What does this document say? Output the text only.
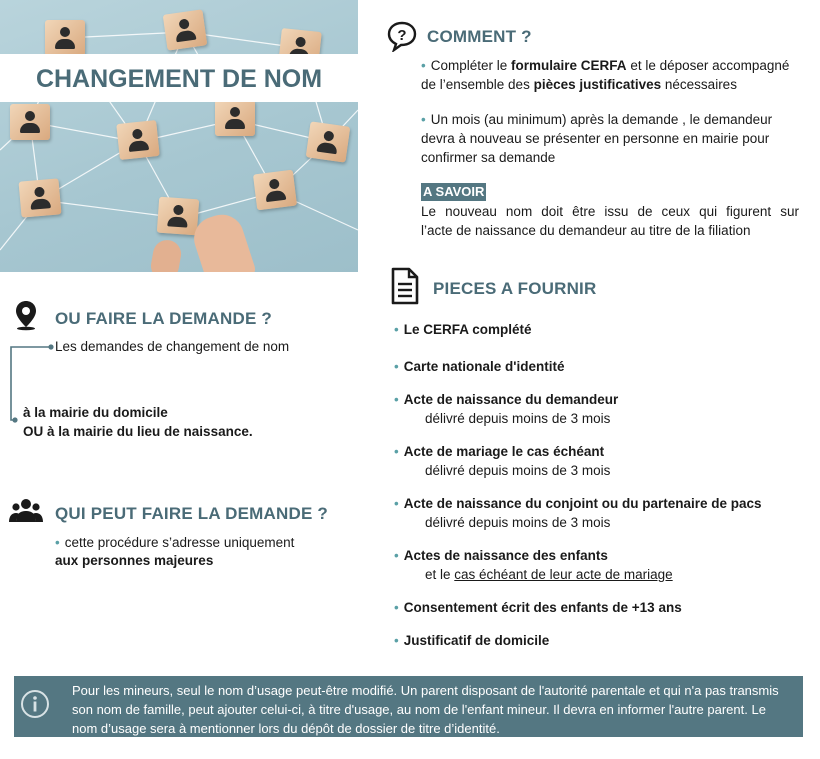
CHANGEMENT DE NOM
? COMMENT ?
• Compléter le formulaire CERFA et le déposer accompagné
de l’ensemble des pièces justificatives nécessaires
• Un mois (au minimum) après la demande , le demandeur
devra à nouveau se présenter en personne en mairie pour
confirmer sa demande
A SAVOIR
Le nouveau nom doit être issu de ceux qui figurent sur
l’acte de naissance du demandeur au titre de la filiation
OU FAIRE LA DEMANDE ?
Les demandes de changement de nom
à la mairie du domicile
OU à la mairie du lieu de naissance.
QUI PEUT FAIRE LA DEMANDE ?
• cette procédure s’adresse uniquement
aux personnes majeures
PIECES A FOURNIR
• Le CERFA complété
• Carte nationale d'identité
• Acte de naissance du demandeur
délivré depuis moins de 3 mois
• Acte de mariage le cas échéant
délivré depuis moins de 3 mois
• Acte de naissance du conjoint ou du partenaire de pacs
délivré depuis moins de 3 mois
• Actes de naissance des enfants
et le cas échéant de leur acte de mariage
• Consentement écrit des enfants de +13 ans
• Justificatif de domicile
Pour les mineurs, seul le nom d’usage peut-être modifié. Un parent disposant de l'autorité parentale et qui n'a pas transmis son nom de famille, peut ajouter celui-ci, à titre d'usage, au nom de l'enfant mineur. Il devra en informer l'autre parent. Le nom d’usage sera à mentionner lors du dépôt de dossier de titre d’identité.
